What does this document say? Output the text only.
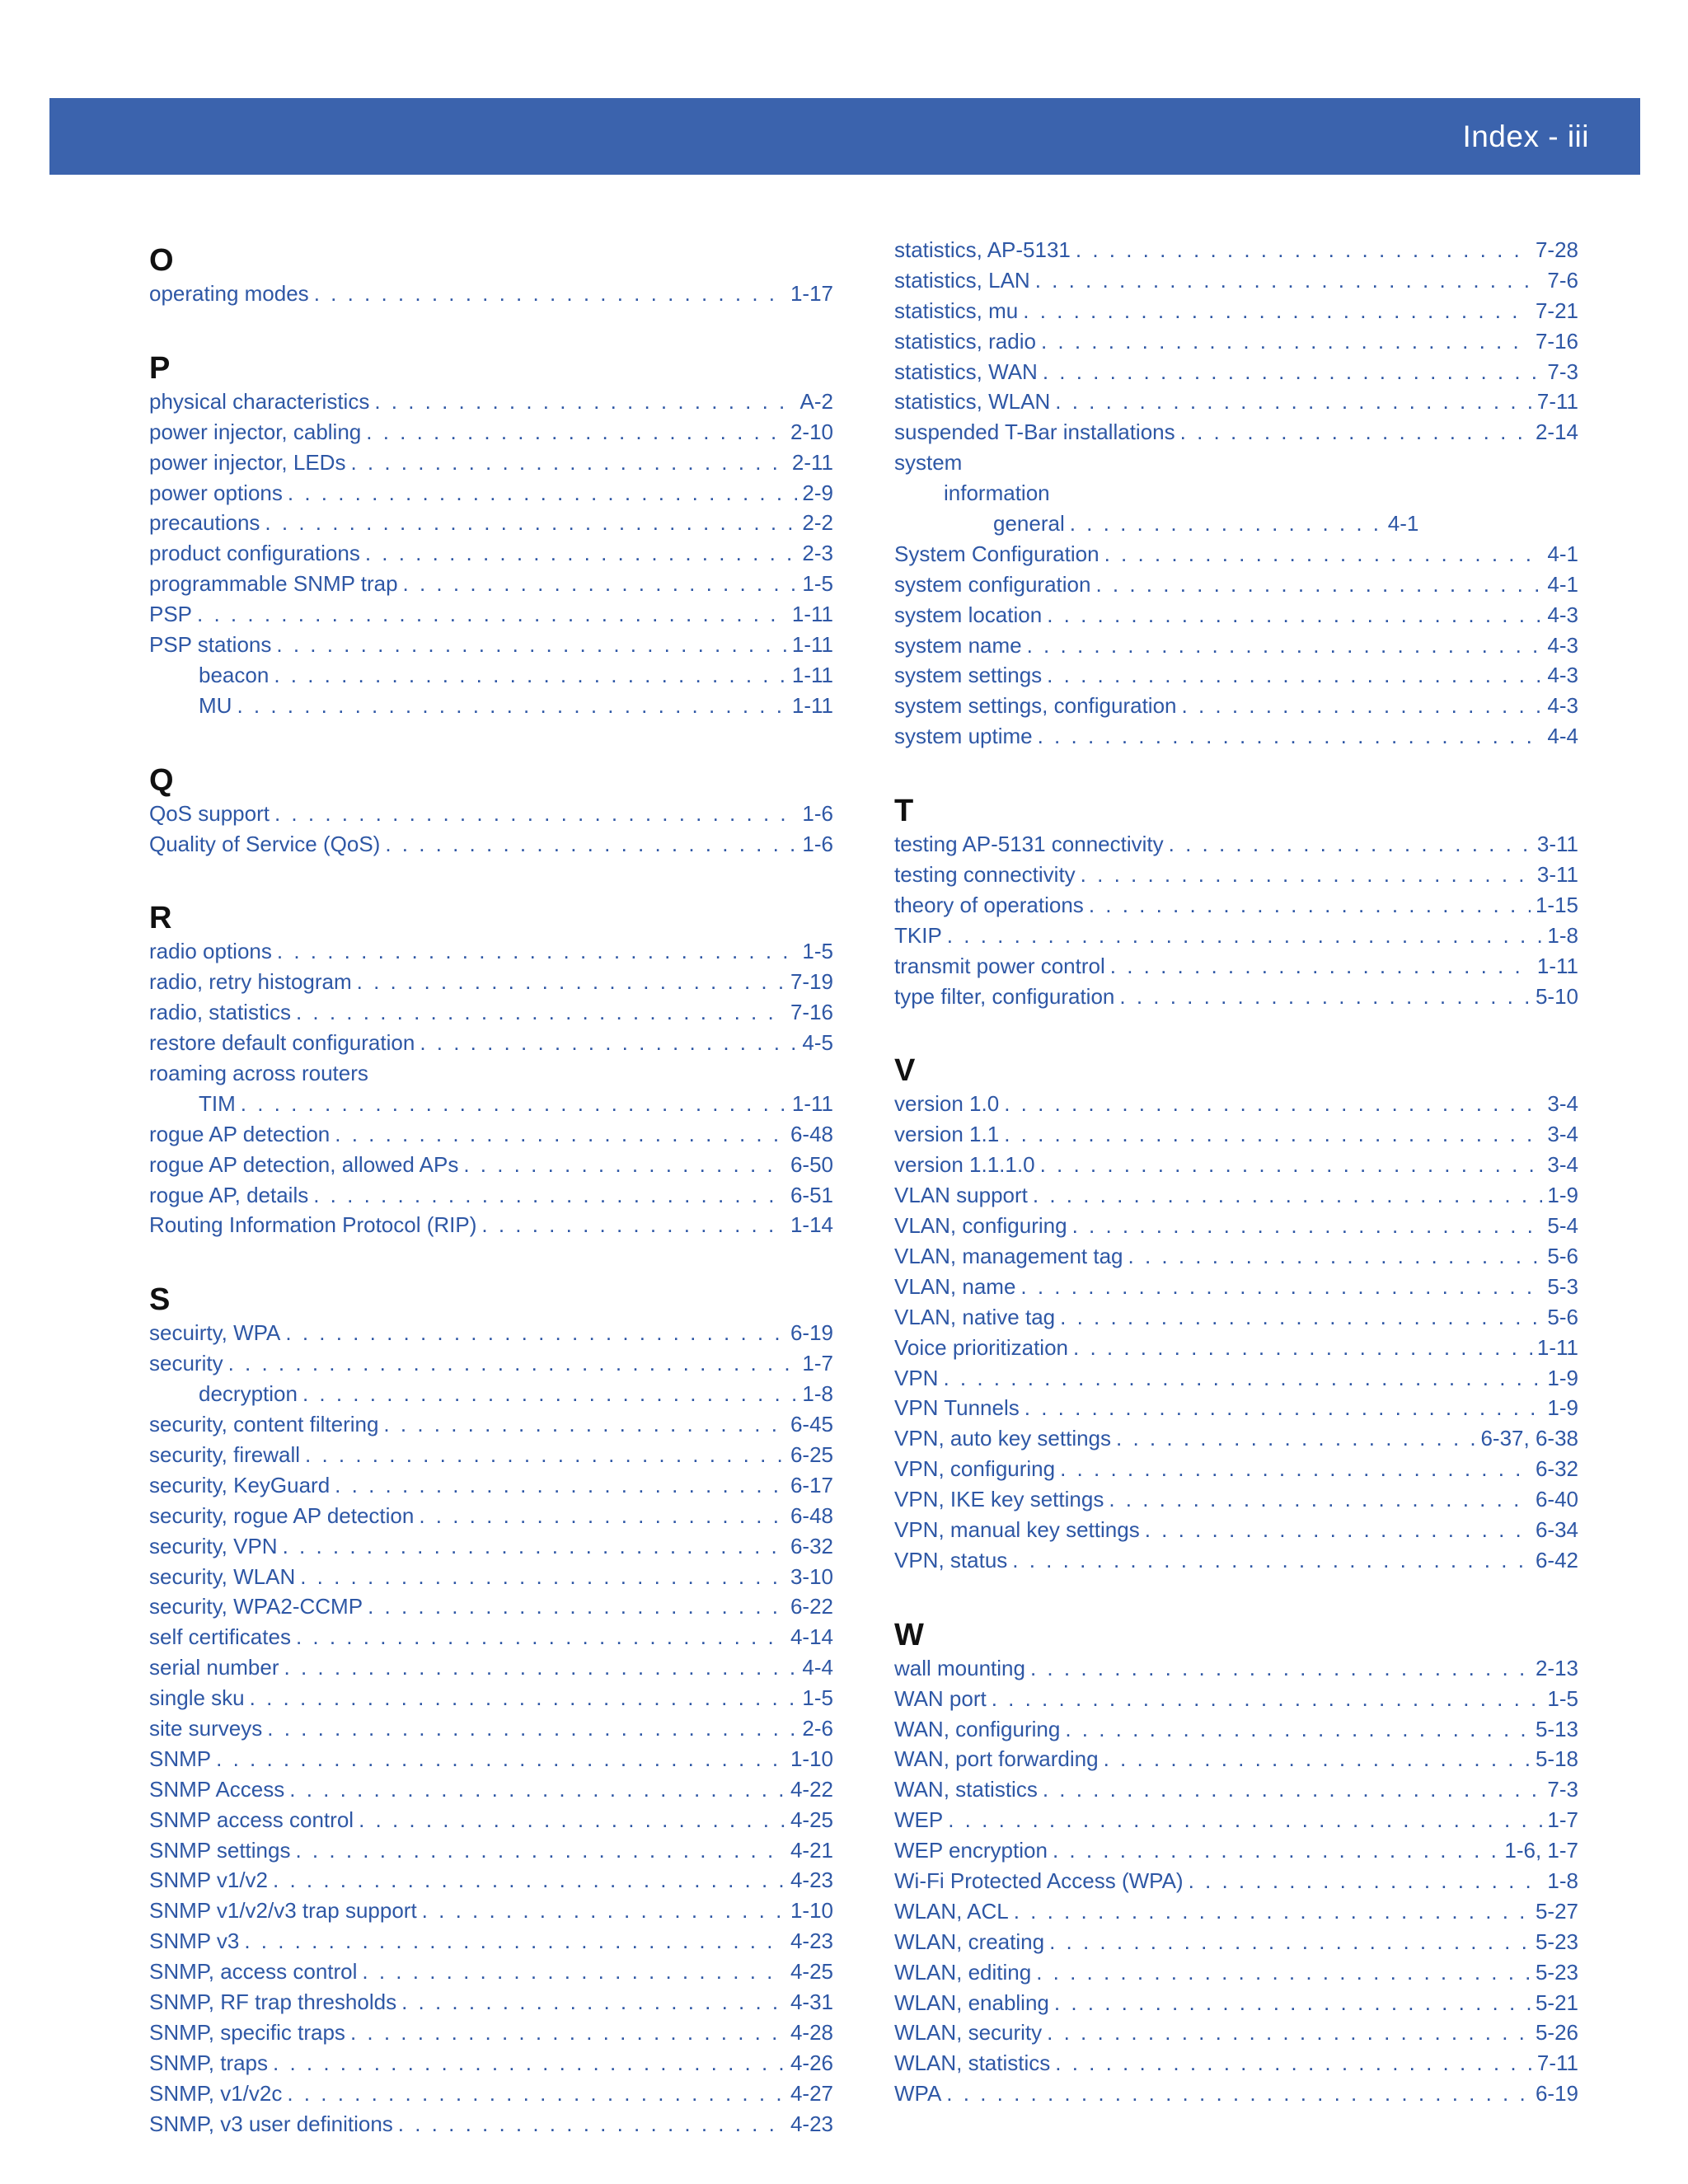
Index - iii
O
operating modes . . .	1-17
P
physical characteristics . . .	A-2
power injector, cabling . . .	2-10
power injector, LEDs . . .	2-11
power options . . .	2-9
precautions . . .	2-2
product configurations . . .	2-3
programmable SNMP trap . . .	1-5
PSP . . .	1-11
PSP stations . . .	1-11
beacon . . .	1-11
MU . . .	1-11
Q
QoS support . . .	1-6
Quality of Service (QoS) . . .	1-6
R
radio options . . .	1-5
radio, retry histogram . . .	7-19
radio, statistics . . .	7-16
restore default configuration . . .	4-5
roaming across routers
TIM . . .	1-11
rogue AP detection . . .	6-48
rogue AP detection, allowed APs . . .	6-50
rogue AP, details . . .	6-51
Routing Information Protocol (RIP) . . .	1-14
S
secuirty, WPA . . .	6-19
security . . .	1-7
decryption . . .	1-8
security, content filtering . . .	6-45
security, firewall . . .	6-25
security, KeyGuard . . .	6-17
security, rogue AP detection . . .	6-48
security, VPN . . .	6-32
security, WLAN . . .	3-10
security, WPA2-CCMP . . .	6-22
self certificates . . .	4-14
serial number . . .	4-4
single sku . . .	1-5
site surveys . . .	2-6
SNMP . . .	1-10
SNMP Access . . .	4-22
SNMP access control . . .	4-25
SNMP settings . . .	4-21
SNMP v1/v2 . . .	4-23
SNMP v1/v2/v3 trap support . . .	1-10
SNMP v3 . . .	4-23
SNMP, access control . . .	4-25
SNMP, RF trap thresholds . . .	4-31
SNMP, specific traps . . .	4-28
SNMP, traps . . .	4-26
SNMP, v1/v2c . . .	4-27
SNMP, v3 user definitions . . .	4-23
statistics, AP-5131 . . .	7-28
statistics, LAN . . .	7-6
statistics, mu . . .	7-21
statistics, radio . . .	7-16
statistics, WAN . . .	7-3
statistics, WLAN . . .	7-11
suspended T-Bar installations . . .	2-14
system
information
general . . .	4-1
System Configuration . . .	4-1
system configuration . . .	4-1
system location . . .	4-3
system name . . .	4-3
system settings . . .	4-3
system settings, configuration . . .	4-3
system uptime . . .	4-4
T
testing AP-5131 connectivity . . .	3-11
testing connectivity . . .	3-11
theory of operations . . .	1-15
TKIP . . .	1-8
transmit power control . . .	1-11
type filter, configuration . . .	5-10
V
version 1.0 . . .	3-4
version 1.1 . . .	3-4
version 1.1.1.0 . . .	3-4
VLAN support . . .	1-9
VLAN, configuring . . .	5-4
VLAN, management tag . . .	5-6
VLAN, name . . .	5-3
VLAN, native tag . . .	5-6
Voice prioritization . . .	1-11
VPN . . .	1-9
VPN Tunnels . . .	1-9
VPN, auto key settings . . .	6-37, 6-38
VPN, configuring . . .	6-32
VPN, IKE key settings . . .	6-40
VPN, manual key settings . . .	6-34
VPN, status . . .	6-42
W
wall mounting . . .	2-13
WAN port . . .	1-5
WAN, configuring . . .	5-13
WAN, port forwarding . . .	5-18
WAN, statistics . . .	7-3
WEP . . .	1-7
WEP encryption . . .	1-6, 1-7
Wi-Fi Protected Access (WPA) . . .	1-8
WLAN, ACL . . .	5-27
WLAN, creating . . .	5-23
WLAN, editing . . .	5-23
WLAN, enabling . . .	5-21
WLAN, security . . .	5-26
WLAN, statistics . . .	7-11
WPA . . .	6-19
